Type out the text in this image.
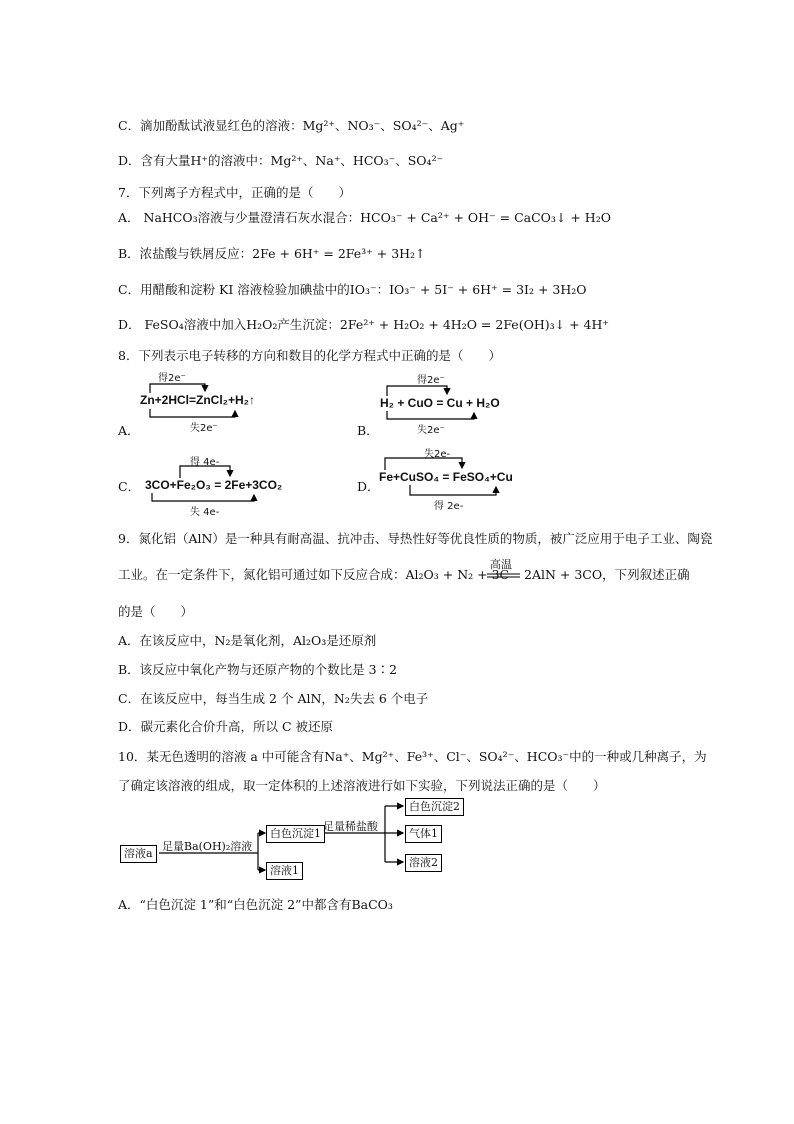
C．滴加酚酞试液显红色的溶液：Mg²⁺、NO₃⁻、SO₄²⁻、Ag⁺
D．含有大量H⁺的溶液中：Mg²⁺、Na⁺、HCO₃⁻、SO₄²⁻
7．下列离子方程式中，正确的是（　　）
A． NaHCO₃溶液与少量澄清石灰水混合：HCO₃⁻ + Ca²⁺ + OH⁻ = CaCO₃↓ + H₂O
B．浓盐酸与铁屑反应：2Fe + 6H⁺ = 2Fe³⁺ + 3H₂↑
C．用醋酸和淀粉 KI 溶液检验加碘盐中的IO₃⁻：IO₃⁻ + 5I⁻ + 6H⁺ = 3I₂ + 3H₂O
D． FeSO₄溶液中加入H₂O₂产生沉淀：2Fe²⁺ + H₂O₂ + 4H₂O = 2Fe(OH)₃↓ + 4H⁺
8．下列表示电子转移的方向和数目的化学方程式中正确的是（　　）
得2e⁻
Zn+2HCl=ZnCl₂+H₂↑
失2e⁻
A．
得2e⁻
H₂ + CuO = Cu + H₂O
失2e⁻
B．
得 4e-
3CO+Fe₂O₃ = 2Fe+3CO₂
失 4e-
C．
失2e-
Fe+CuSO₄ = FeSO₄+Cu
得 2e-
D．
9．氮化铝（AlN）是一种具有耐高温、抗冲击、导热性好等优良性质的物质，被广泛应用于电子工业、陶瓷
工业。在一定条件下，氮化铝可通过如下反应合成：Al₂O₃ + N₂ + 3C
高温
2AlN + 3CO，下列叙述正确
的是（　　）
A．在该反应中，N₂是氧化剂，Al₂O₃是还原剂
B．该反应中氧化产物与还原产物的个数比是 3∶2
C．在该反应中，每当生成 2 个 AlN，N₂失去 6 个电子
D．碳元素化合价升高，所以 C 被还原
10．某无色透明的溶液 a 中可能含有Na⁺、Mg²⁺、Fe³⁺、Cl⁻、SO₄²⁻、HCO₃⁻中的一种或几种离子，为
了确定该溶液的组成，取一定体积的上述溶液进行如下实验，下列说法正确的是（　　）
溶液a
足量Ba(OH)₂溶液
白色沉淀1
溶液1
足量稀盐酸
白色沉淀2
气体1
溶液2
A．“白色沉淀 1”和“白色沉淀 2”中都含有BaCO₃
